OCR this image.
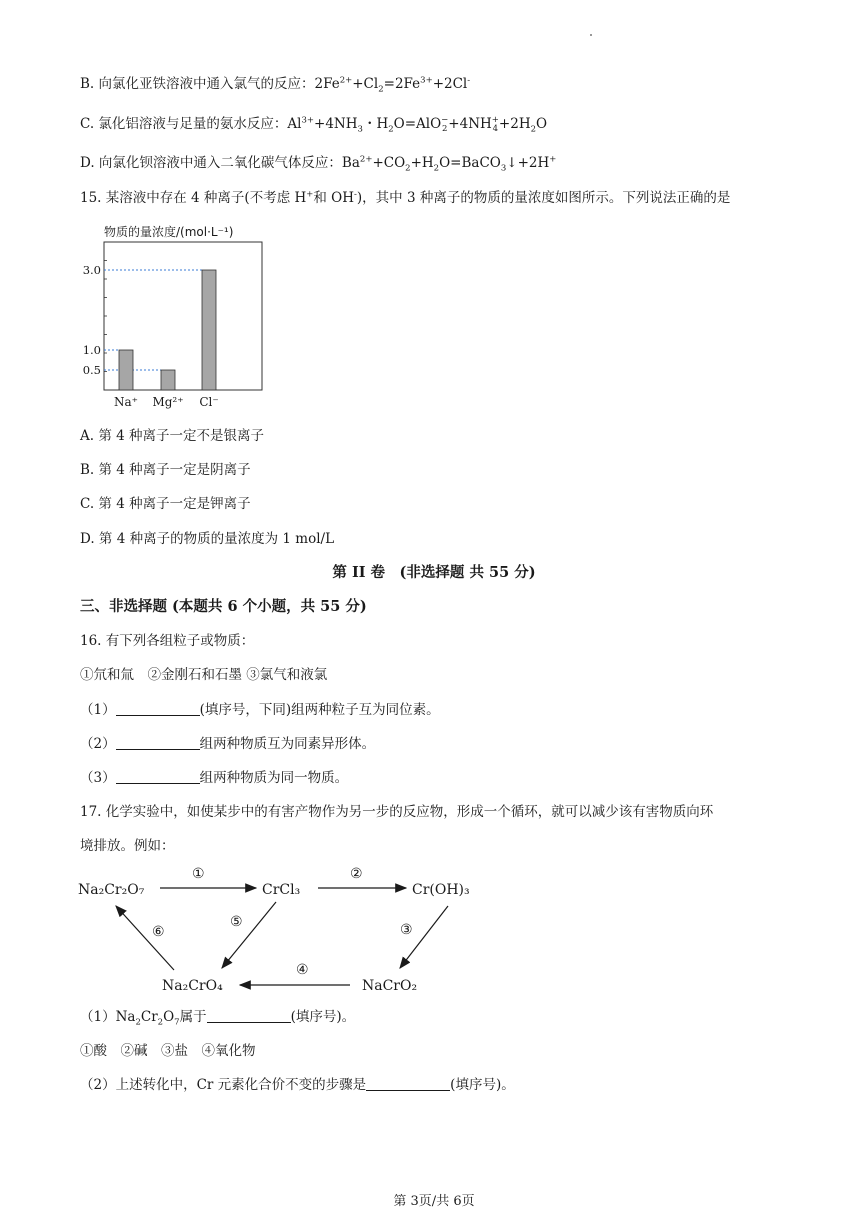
B. 向氯化亚铁溶液中通入氯气的反应：$2Fe^{2+}+Cl_2=2Fe^{3+}+2Cl^-$
C. 氯化铝溶液与足量的氨水反应：$Al^{3+}+4NH_3$・$H_2O=AlO-$
2+4NH+
$4+2H_2O$
D. 向氯化钡溶液中通入二氧化碳气体反应：$Ba^{2+}+CO_2+H_2O=BaCO_3↓+2H^+$
15. 某溶液中存在 4 种离子(不考虑 H+和 OH-)，其中 3 种离子的物质的量浓度如图所示。下列说法正确的是
物质的量浓度/(mol·L⁻¹)
0.5
1.0
3.0
Na⁺ Mg²⁺ Cl⁻
A. 第 4 种离子一定不是银离子
B. 第 4 种离子一定是阴离子
C. 第 4 种离子一定是钾离子
D. 第 4 种离子的物质的量浓度为 1 mol/L
第 II 卷　(非选择题 共 55 分)
三、非选择题 (本题共 6 个小题，共 55 分)
16. 有下列各组粒子或物质：
①氘和氚　②金刚石和石墨 ③氯气和液氯
（1）	(填序号，下同)组两种粒子互为同位素。
（2）	组两种物质互为同素异形体。
（3）	组两种物质为同一物质。
17. 化学实验中，如使某步中的有害产物作为另一步的反应物，形成一个循环，就可以减少该有害物质向环
境排放。例如：
Na₂Cr₂O₇	CrCl₃	Cr(OH)₃
NaCrO₂
Na₂CrO₄
①	②
③
④
⑤
⑥
$(1)Na_2Cr_2O_7$属于	(填序号)。
①酸　②碱　③盐　④氧化物
（2）上述转化中，Cr 元素化合价不变的步骤是	(填序号)。
第 3页/共 6页
